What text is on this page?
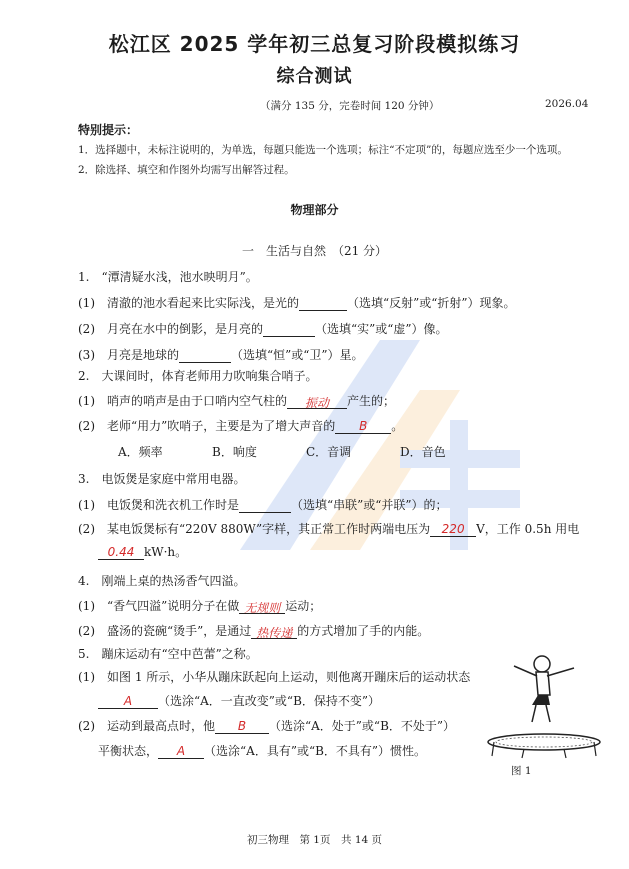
松江区 2025 学年初三总复习阶段模拟练习
综合测试
（满分 135 分，完卷时间 120 分钟）	2026.04
特别提示：
1．选择题中，未标注说明的，为单选，每题只能选一个选项；标注“不定项”的，每题应选至少一个选项。
2．除选择、填空和作图外均需写出解答过程。
物理部分
一　生活与自然　（21 分）
1.　“潭清疑水浅，池水映明月”。
(1)　清澈的池水看起来比实际浅，是光的	（选填“反射”或“折射”）现象。
(2)　月亮在水中的倒影，是月亮的	（选填“实”或“虚”）像。
(3)　月亮是地球的	（选填“恒”或“卫”）星。
2.　大课间时，体育老师用力吹响集合哨子。
(1)　哨声的哨声是由于口哨内空气柱的 振动 产生的；
(2)　老师“用力”吹哨子，主要是为了增大声音的 B 。
A．频率	B．响度	C．音调	D．音色
3.　电饭煲是家庭中常用电器。
(1)　电饭煲和洗衣机工作时是	（选填“串联”或“并联”）的；
(2)　某电饭煲标有“220V 880W”字样，其正常工作时两端电压为 220 V，工作 0.5h 用电
0.44 kW·h。
4.　刚端上桌的热汤香气四溢。
(1)　“香气四溢”说明分子在做 无规则 运动；
(2)　盛汤的瓷碗“烫手”，是通过 热传递 的方式增加了手的内能。
5.　蹦床运动有“空中芭蕾”之称。
(1)　如图 1 所示，小华从蹦床跃起向上运动，则他离开蹦床后的运动状态
A （选涂“A．一直改变”或“B．保持不变”）
(2)　运动到最高点时，他 B （选涂“A．处于”或“B．不处于”）
平衡状态， A （选涂“A．具有”或“B．不具有”）惯性。
图 1
初三物理　第 1页　共 14 页
